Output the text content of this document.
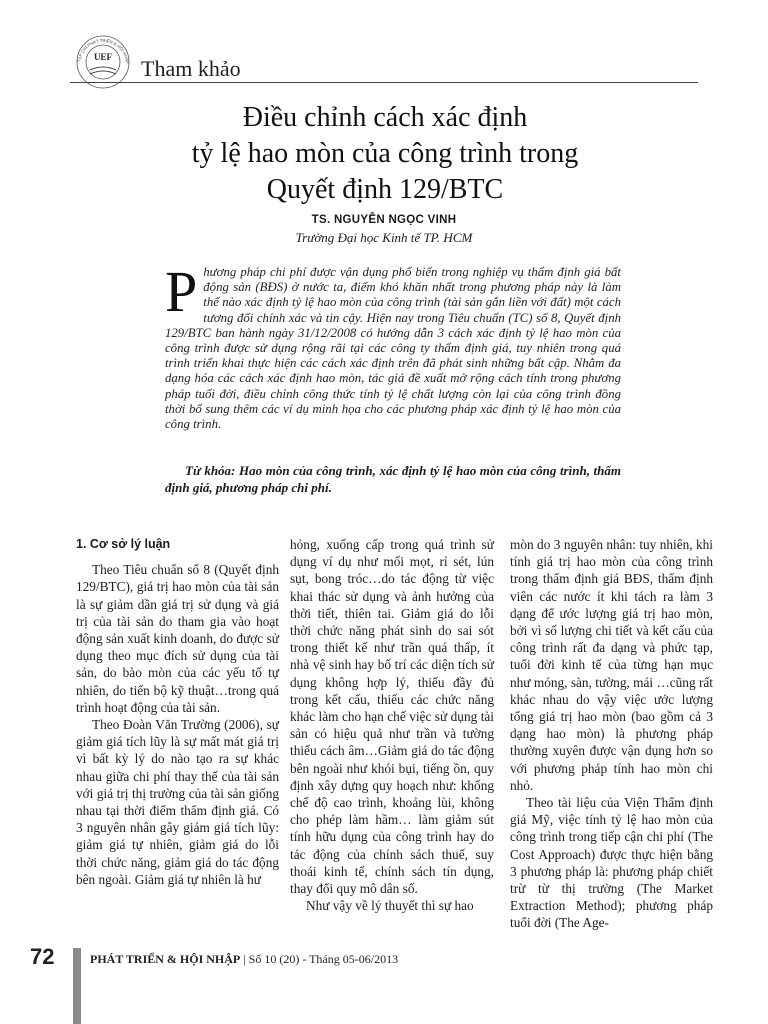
TẠP CHÍ PHÁT TRIỂN & HỘI NHẬP
UEF Tham khảo
Điều chỉnh cách xác định
tỷ lệ hao mòn của công trình trong
Quyết định 129/BTC
TS. NGUYỄN NGỌC VINH
Trường Đại học Kinh tế TP. HCM
P hương pháp chi phí được vận dụng phổ biến trong nghiệp vụ thẩm định giá bất động sản (BĐS) ở nước ta, điểm khó khăn nhất trong phương pháp này là làm thế nào xác định tỷ lệ hao mòn của công trình (tài sản gắn liền với đất) một cách tương đối chính xác và tin cậy. Hiện nay trong Tiêu chuẩn (TC) số 8, Quyết định 129/BTC ban hành ngày 31/12/2008 có hướng dẫn 3 cách xác định tỷ lệ hao mòn của công trình được sử dụng rộng rãi tại các công ty thẩm định giá, tuy nhiên trong quá trình triển khai thực hiện các cách xác định trên đã phát sinh những bất cập. Nhằm đa dạng hóa các cách xác định hao mòn, tác giả đề xuất mở rộng cách tính trong phương pháp tuổi đời, điều chỉnh công thức tính tỷ lệ chất lượng còn lại của công trình đồng thời bổ sung thêm các ví dụ minh họa cho các phương pháp xác định tỷ lệ hao mòn của công trình.
Từ khóa: Hao mòn của công trình, xác định tỷ lệ hao mòn của công trình, thẩm định giá, phương pháp chi phí.
1. Cơ sở lý luận

Theo Tiêu chuẩn số 8 (Quyết định 129/BTC), giá trị hao mòn của tài sản là sự giảm dần giá trị sử dụng và giá trị của tài sản do tham gia vào hoạt động sản xuất kinh doanh, do được sử dụng theo mục đích sử dụng của tài sản, do bào mòn của các yếu tố tự nhiên, do tiến bộ kỹ thuật…trong quá trình hoạt động của tài sản.

Theo Đoàn Văn Trường (2006), sự giảm giá tích lũy là sự mất mát giá trị vì bất kỳ lý do nào tạo ra sự khác nhau giữa chi phí thay thế của tài sản với giá trị thị trường của tài sản giống nhau tại thời điểm thẩm định giá. Có 3 nguyên nhân gây giảm giá tích lũy: giảm giá tự nhiên, giảm giá do lỗi thời chức năng, giảm giá do tác động bên ngoài. Giảm giá tự nhiên là hư

hỏng, xuống cấp trong quá trình sử dụng ví dụ như mối mọt, rỉ sét, lún sụt, bong tróc…do tác động từ việc khai thác sử dụng và ảnh hưởng của thời tiết, thiên tai. Giảm giá do lỗi thời chức năng phát sinh do sai sót trong thiết kế như trần quá thấp, ít nhà vệ sinh hay bố trí các diện tích sử dụng không hợp lý, thiếu đầy đủ trong kết cấu, thiếu các chức năng khác làm cho hạn chế việc sử dụng tài sản có hiệu quả như trần và tường thiếu cách âm…Giảm giá do tác động bên ngoài như khói bụi, tiếng ồn, quy định xây dựng quy hoạch như: khống chế độ cao trình, khoảng lùi, không cho phép làm hầm… làm giảm sút tính hữu dụng của công trình hay do tác động của chính sách thuế, suy thoái kinh tế, chính sách tín dụng, thay đổi quy mô dân số.

Như vậy về lý thuyết thì sự hao

mòn do 3 nguyên nhân: tuy nhiên, khi tính giá trị hao mòn của công trình trong thẩm định giá BĐS, thẩm định viên các nước ít khi tách ra làm 3 dạng để ước lượng giá trị hao mòn, bởi vì số lượng chi tiết và kết cấu của công trình rất đa dạng và phức tạp, tuổi đời kinh tế của từng hạn mục như móng, sàn, tường, mái …cũng rất khác nhau do vậy việc ước lượng tổng giá trị hao mòn (bao gồm cả 3 dạng hao mòn) là phương pháp thường xuyên được vận dụng hơn so với phương pháp tính hao mòn chi nhỏ.

Theo tài liệu của Viện Thẩm định giá Mỹ, việc tính tỷ lệ hao mòn của công trình trong tiếp cận chi phí (The Cost Approach) được thực hiện bằng 3 phương pháp là: phương pháp chiết trừ từ thị trường (The Market Extraction Method); phương pháp tuổi đời (The Age-

72	PHÁT TRIỂN & HỘI NHẬP | Số 10 (20) - Tháng 05-06/2013
